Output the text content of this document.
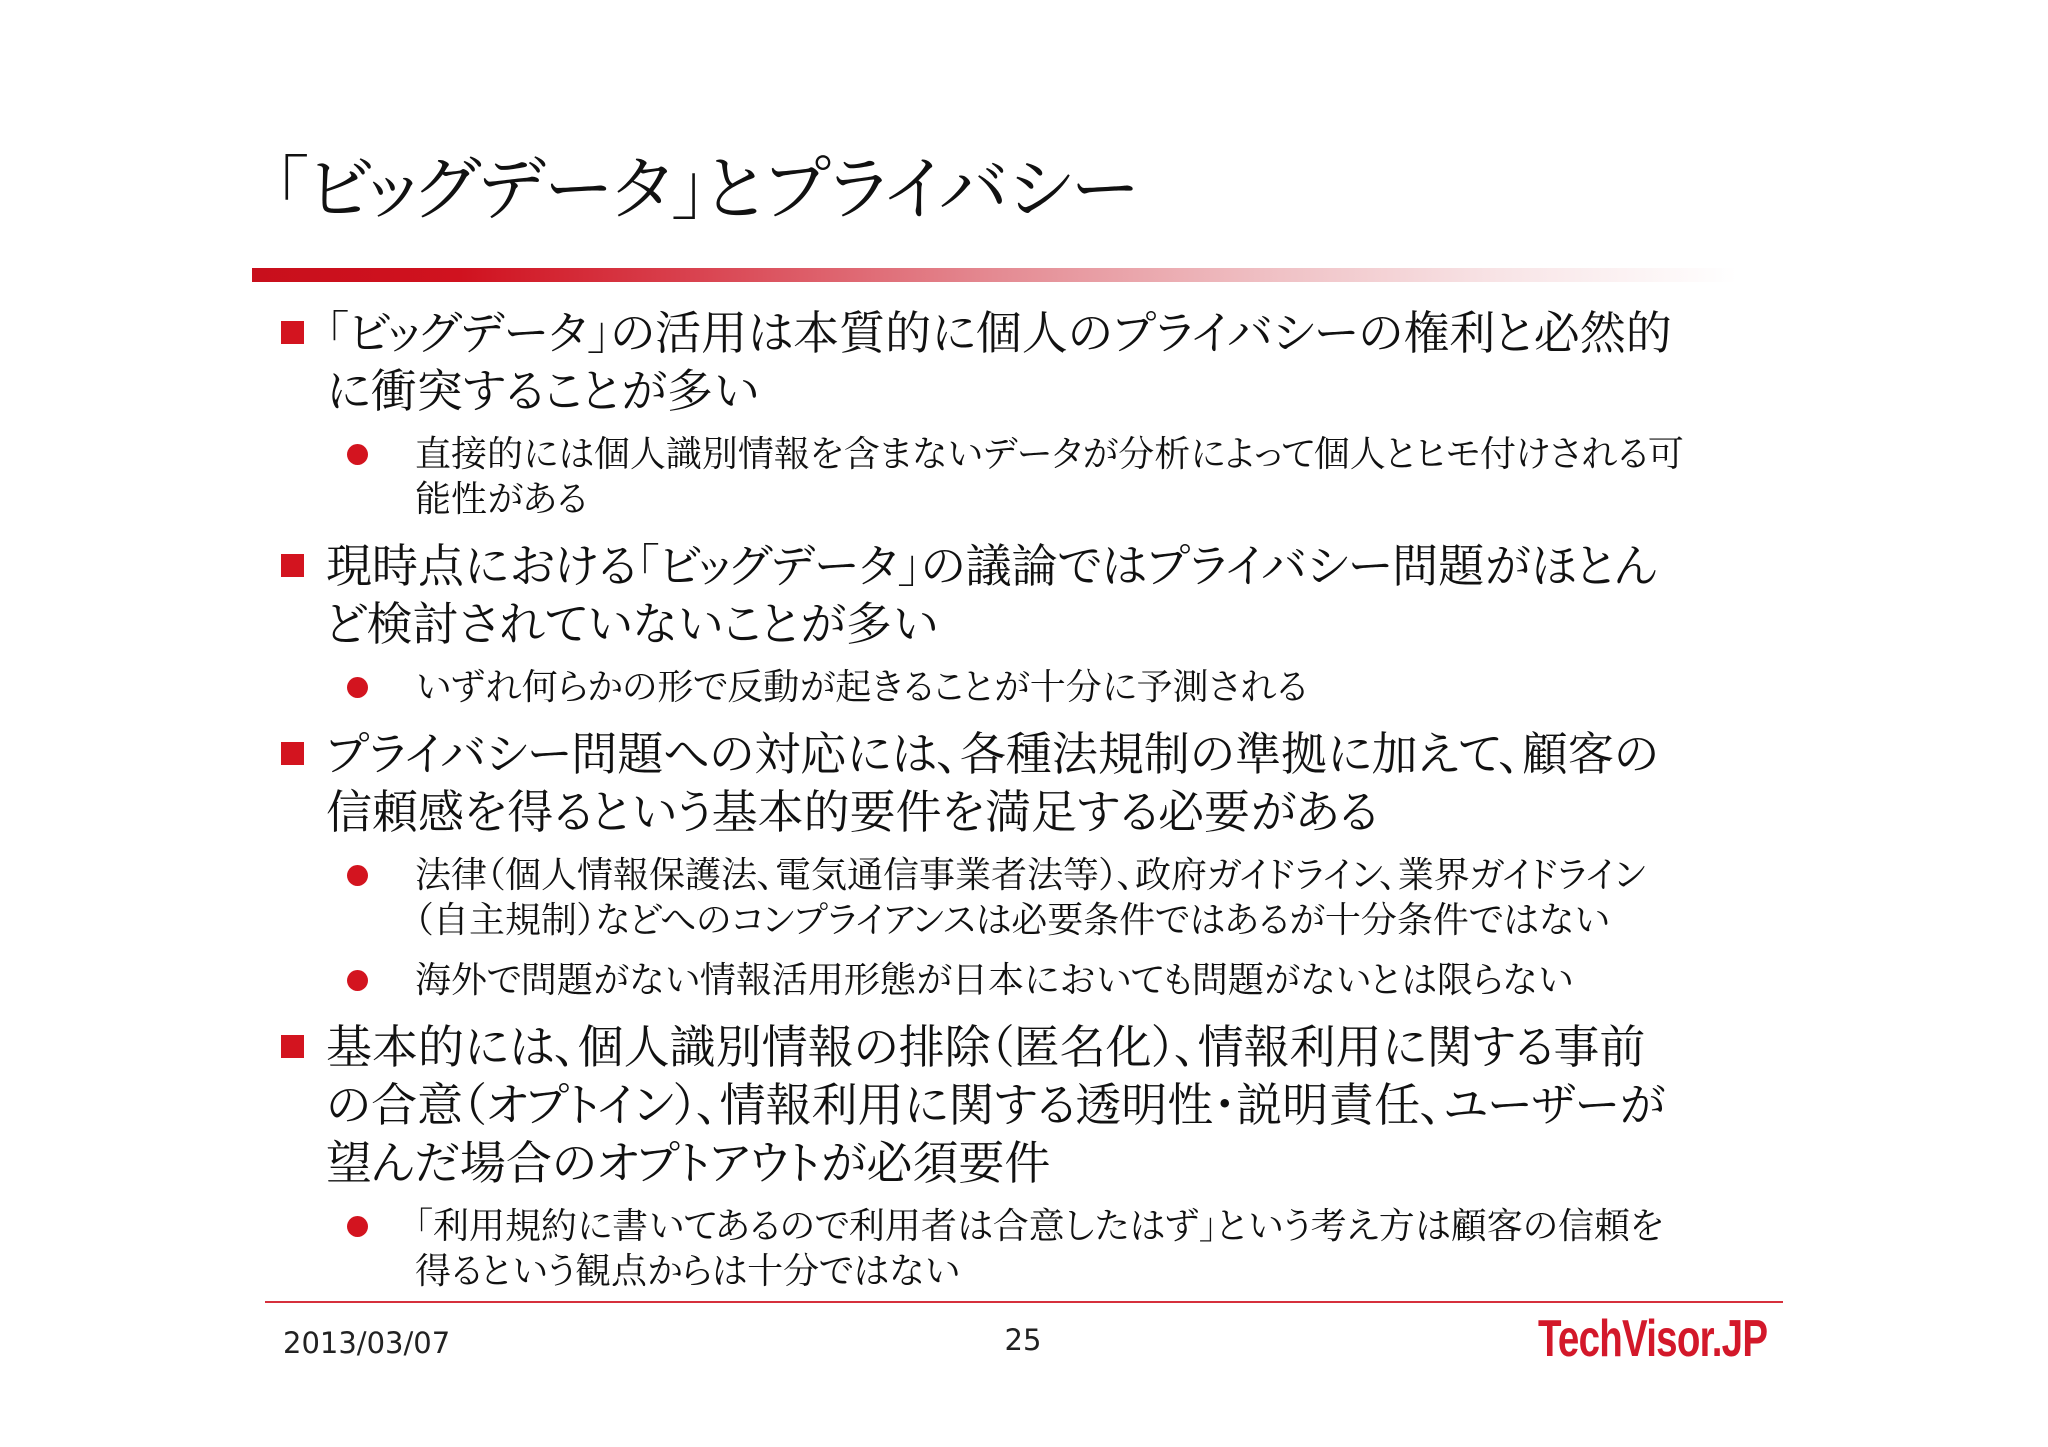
「ビッグデータ」とプライバシー
「ビッグデータ」の活用は本質的に個人のプライバシーの権利と必然的
に衝突することが多い
直接的には個人識別情報を含まないデータが分析によって個人とヒモ付けされる可
能性がある
現時点における「ビッグデータ」の議論ではプライバシー問題がほとん
ど検討されていないことが多い
いずれ何らかの形で反動が起きることが十分に予測される
プライバシー問題への対応には、各種法規制の準拠に加えて、顧客の
信頼感を得るという基本的要件を満足する必要がある
法律（個人情報保護法、電気通信事業者法等）、政府ガイドライン、業界ガイドライン
（自主規制）などへのコンプライアンスは必要条件ではあるが十分条件ではない
海外で問題がない情報活用形態が日本においても問題がないとは限らない
基本的には、個人識別情報の排除（匿名化）、情報利用に関する事前
の合意（オプトイン）、情報利用に関する透明性・説明責任、ユーザーが
望んだ場合のオプトアウトが必須要件
「利用規約に書いてあるので利用者は合意したはず」という考え方は顧客の信頼を
得るという観点からは十分ではない
2013/03/07	25	TechVisor.JP
